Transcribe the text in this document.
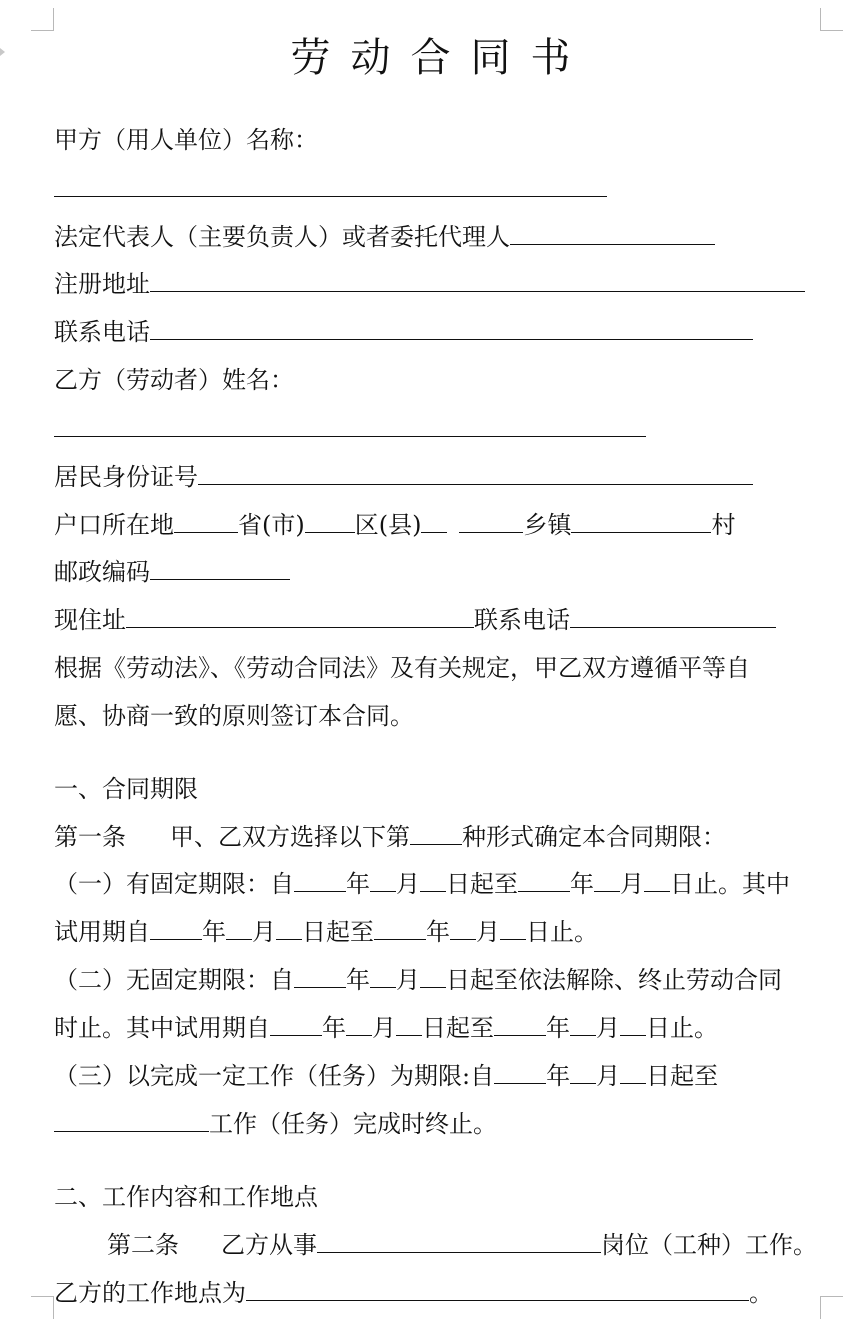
劳动合同书
甲方（用人单位）名称：
法定代表人（主要负责人）或者委托代理人
注册地址
联系电话
乙方（劳动者）姓名：
居民身份证号
户口所在地	省(市) 区(县)	乡镇	村
邮政编码
现住址	联系电话
根据《劳动法》、《劳动合同法》及有关规定，甲乙双方遵循平等自
愿、协商一致的原则签订本合同。
一、合同期限
第一条 甲、乙双方选择以下第 种形式确定本合同期限：
（一）有固定期限：自 年 月 日起至 年 月 日止。其中
试用期自 年 月 日起至 年 月 日止。
（二）无固定期限：自 年 月 日起至依法解除、终止劳动合同
时止。其中试用期自 年 月 日起至 年 月 日止。
（三）以完成一定工作（任务）为期限:自 年 月 日起至
工作（任务）完成时终止。
二、工作内容和工作地点
第二条 乙方从事	岗位（工种）工作。
乙方的工作地点为	。
